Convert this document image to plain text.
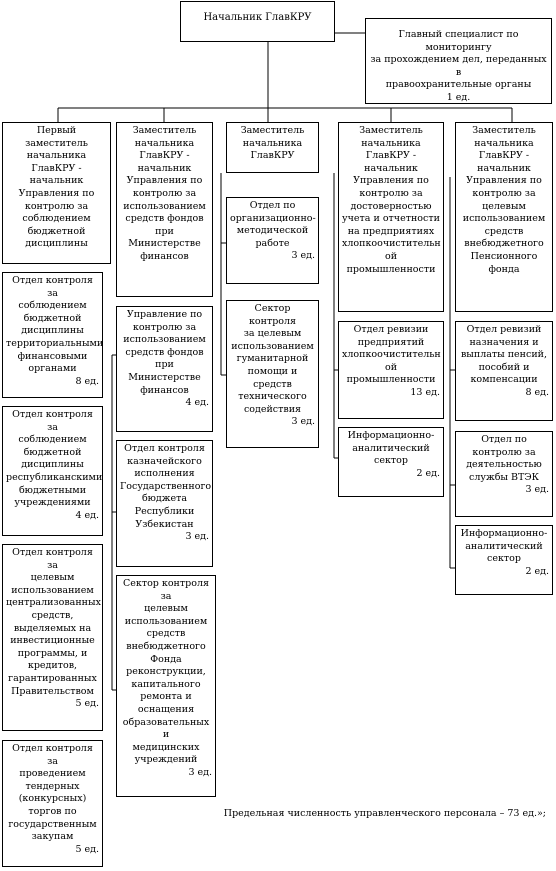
Начальник ГлавКРУ
Главный специалист по мониторингу
за прохождением дел, переданных в
правоохранительные органы
1 ед.
Первый заместитель
начальника
ГлавКРУ -
начальник
Управления по
контролю за
соблюдением
бюджетной
дисциплины
Заместитель
начальника
ГлавКРУ -
начальник
Управления по
контролю за
использованием
средств фондов
при
Министерстве
финансов
Заместитель
начальника
ГлавКРУ
Заместитель
начальника
ГлавКРУ -
начальник
Управления по
контролю за
достоверностью
учета и отчетности
на предприятиях
хлопкоочистительн
ой
промышленности
Заместитель
начальника
ГлавКРУ -
начальник
Управления по
контролю за
целевым
использованием
средств
внебюджетного
Пенсионного
фонда
Отдел контроля за
соблюдением
бюджетной
дисциплины
территориальными
финансовыми
органами
8 ед.
Отдел контроля за
соблюдением
бюджетной
дисциплины
республиканскими
бюджетными
учреждениями
4 ед.
Отдел контроля за
целевым
использованием
централизованных
средств,
выделяемых на
инвестиционные
программы, и
кредитов,
гарантированных
Правительством
5 ед.
Отдел контроля за
проведением
тендерных
(конкурсных)
торгов по
государственным
закупам
5 ед.
Управление по
контролю за
использованием
средств фондов
при
Министерстве
финансов
4 ед.
Отдел контроля
казначейского
исполнения
Государственного
бюджета
Республики
Узбекистан
3 ед.
Сектор контроля за
целевым
использованием
средств
внебюджетного
Фонда
реконструкции,
капитального
ремонта и
оснащения
образовательных и
медицинских
учреждений
3 ед.
Отдел по
организационно-
методической
работе
3 ед.
Сектор контроля
за целевым
использованием
гуманитарной
помощи и
средств
технического
содействия
3 ед.
Отдел ревизии
предприятий
хлопкоочистительн
ой
промышленности
13 ед.
Информационно-
аналитический
сектор
2 ед.
Отдел ревизий
назначения и
выплаты пенсий,
пособий и
компенсации
8 ед.
Отдел по
контролю за
деятельностью
службы ВТЭК
3 ед.
Информационно-
аналитический
сектор
2 ед.
Предельная численность управленческого персонала – 73 ед.»;
